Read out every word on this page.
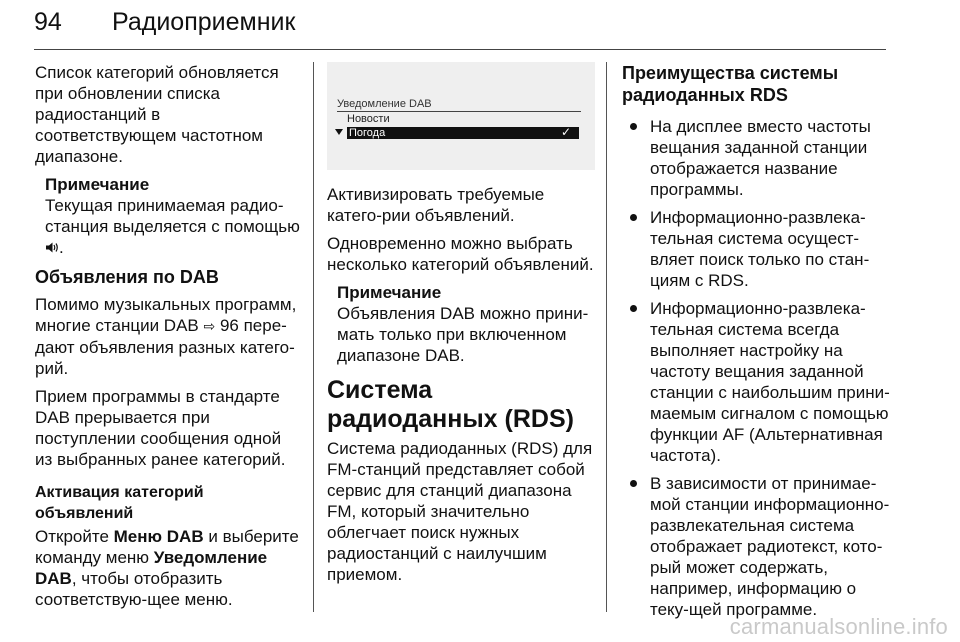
94 Радиоприемник

Список категорий обновляется при обновлении списка радиостанций в соответствующем частотном диапазоне.

Примечание
Текущая принимаемая радио-станция выделяется с помощью .
Объявления по DAB

Помимо музыкальных программ, многие станции DAB ⇨ 96 пере-дают объявления разных катего-рий.

Прием программы в стандарте DAB прерывается при поступлении сообщения одной из выбранных ранее категорий.

Активация категорий объявлений

Откройте Меню DAB и выберите команду меню Уведомление DAB, чтобы отобразить соответствую-щее меню.

Уведомление DAB
Новости
Погода	✓

Активизировать требуемые катего-рии объявлений.

Одновременно можно выбрать несколько категорий объявлений.

Примечание
Объявления DAB можно прини-мать только при включенном диапазоне DAB.
Система радиоданных (RDS)

Система радиоданных (RDS) для FM-станций представляет собой сервис для станций диапазона FM, который значительно облегчает поиск нужных радиостанций с наилучшим приемом.

Преимущества системы радиоданных RDS
На дисплее вместо частоты вещания заданной станции отображается название программы.
Информационно-развлека-тельная система осущест-вляет поиск только по стан-циям с RDS.
Информационно-развлека-тельная система всегда выполняет настройку на частоту вещания заданной станции с наибольшим прини-маемым сигналом с помощью функции AF (Альтернативная частота).
В зависимости от принимае-мой станции информационно-развлекательная система отображает радиотекст, кото-рый может содержать, например, информацию о теку-щей программе.
carmanualsonline.info
